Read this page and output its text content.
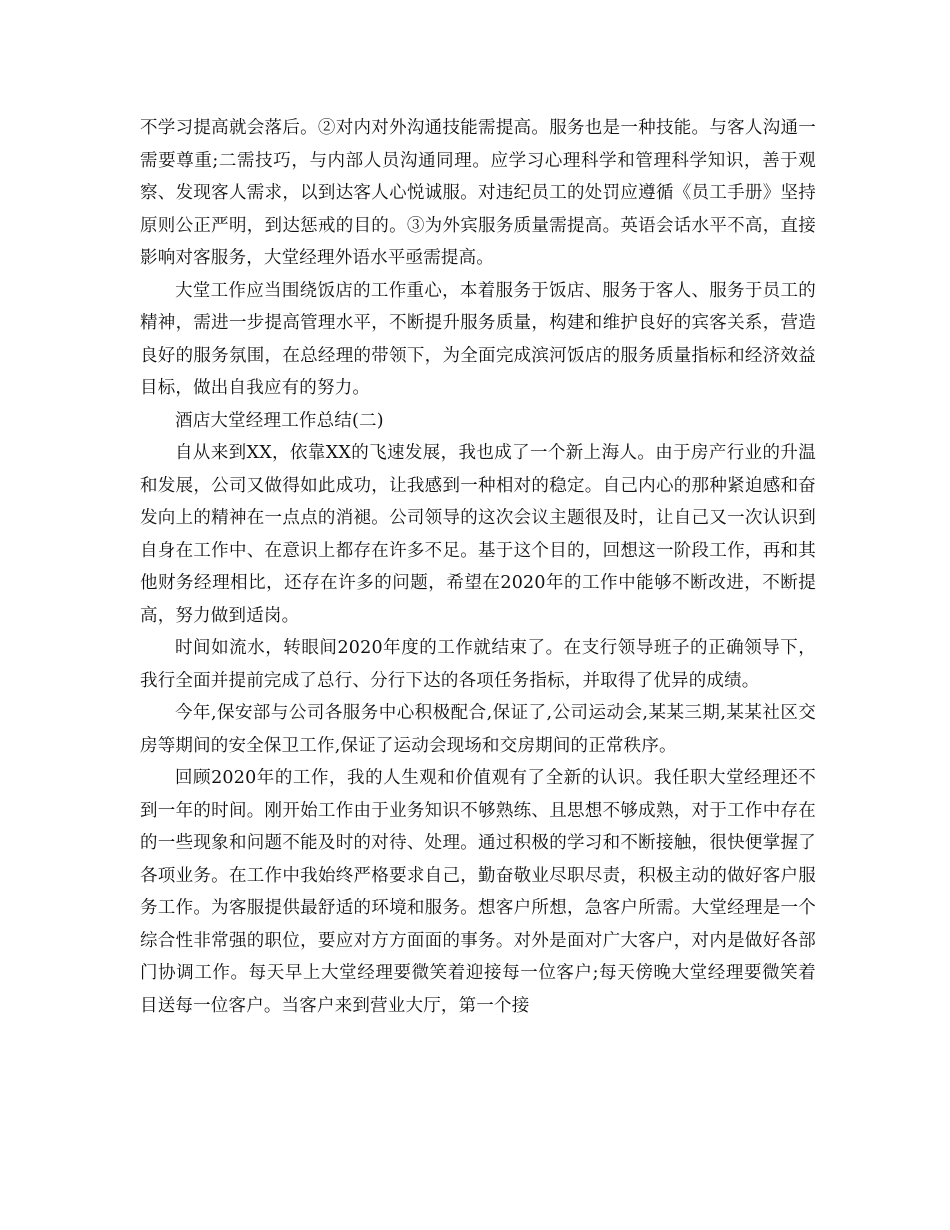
不学习提高就会落后。②对内对外沟通技能需提高。服务也是一种技能。与客人沟通一需要尊重;二需技巧，与内部人员沟通同理。应学习心理科学和管理科学知识，善于观察、发现客人需求，以到达客人心悦诚服。对违纪员工的处罚应遵循《员工手册》坚持原则公正严明，到达惩戒的目的。③为外宾服务质量需提高。英语会话水平不高，直接影响对客服务，大堂经理外语水平亟需提高。

大堂工作应当围绕饭店的工作重心，本着服务于饭店、服务于客人、服务于员工的精神，需进一步提高管理水平，不断提升服务质量，构建和维护良好的宾客关系，营造良好的服务氛围，在总经理的带领下，为全面完成滨河饭店的服务质量指标和经济效益目标，做出自我应有的努力。

酒店大堂经理工作总结(二)

自从来到XX，依靠XX的飞速发展，我也成了一个新上海人。由于房产行业的升温和发展，公司又做得如此成功，让我感到一种相对的稳定。自己内心的那种紧迫感和奋发向上的精神在一点点的消褪。公司领导的这次会议主题很及时，让自己又一次认识到自身在工作中、在意识上都存在许多不足。基于这个目的，回想这一阶段工作，再和其他财务经理相比，还存在许多的问题，希望在2020年的工作中能够不断改进，不断提高，努力做到适岗。

时间如流水，转眼间2020年度的工作就结束了。在支行领导班子的正确领导下，我行全面并提前完成了总行、分行下达的各项任务指标，并取得了优异的成绩。

今年,保安部与公司各服务中心积极配合,保证了,公司运动会,某某三期,某某社区交房等期间的安全保卫工作,保证了运动会现场和交房期间的正常秩序。

回顾2020年的工作，我的人生观和价值观有了全新的认识。我任职大堂经理还不到一年的时间。刚开始工作由于业务知识不够熟练、且思想不够成熟，对于工作中存在的一些现象和问题不能及时的对待、处理。通过积极的学习和不断接触，很快便掌握了各项业务。在工作中我始终严格要求自己，勤奋敬业尽职尽责，积极主动的做好客户服务工作。为客服提供最舒适的环境和服务。想客户所想，急客户所需。大堂经理是一个综合性非常强的职位，要应对方方面面的事务。对外是面对广大客户，对内是做好各部门协调工作。每天早上大堂经理要微笑着迎接每一位客户;每天傍晚大堂经理要微笑着目送每一位客户。当客户来到营业大厅，第一个接
